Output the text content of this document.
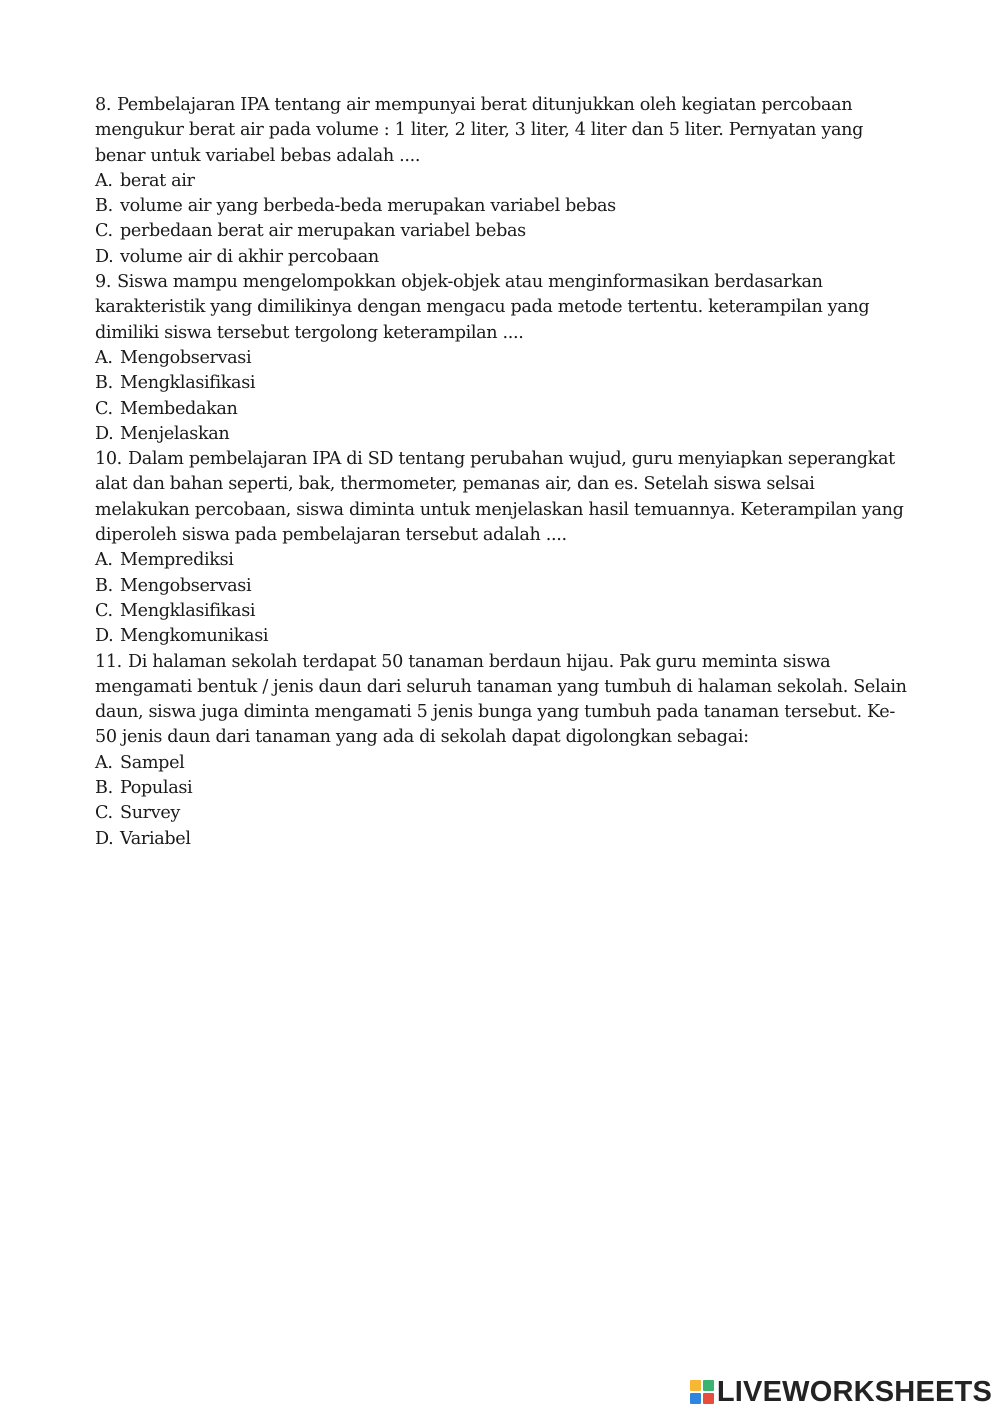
8. Pembelajaran IPA tentang air mempunyai berat ditunjukkan oleh kegiatan percobaan mengukur berat air pada volume : 1 liter, 2 liter, 3 liter, 4 liter dan 5 liter. Pernyatan yang benar untuk variabel bebas adalah ....

A. berat air

B. volume air yang berbeda-beda merupakan variabel bebas

C. perbedaan berat air merupakan variabel bebas

D. volume air di akhir percobaan

9. Siswa mampu mengelompokkan objek-objek atau menginformasikan berdasarkan karakteristik yang dimilikinya dengan mengacu pada metode tertentu. keterampilan yang dimiliki siswa tersebut tergolong keterampilan ....

A. Mengobservasi

B. Mengklasifikasi

C. Membedakan

D. Menjelaskan

10. Dalam pembelajaran IPA di SD tentang perubahan wujud, guru menyiapkan seperangkat alat dan bahan seperti, bak, thermometer, pemanas air, dan es. Setelah siswa selsai melakukan percobaan, siswa diminta untuk menjelaskan hasil temuannya. Keterampilan yang diperoleh siswa pada pembelajaran tersebut adalah ....

A. Memprediksi

B. Mengobservasi

C. Mengklasifikasi

D. Mengkomunikasi

11. Di halaman sekolah terdapat 50 tanaman berdaun hijau. Pak guru meminta siswa mengamati bentuk / jenis daun dari seluruh tanaman yang tumbuh di halaman sekolah. Selain daun, siswa juga diminta mengamati 5 jenis bunga yang tumbuh pada tanaman tersebut. Ke-50 jenis daun dari tanaman yang ada di sekolah dapat digolongkan sebagai:

A. Sampel

B. Populasi

C. Survey

D. Variabel

LIVEWORKSHEETS
